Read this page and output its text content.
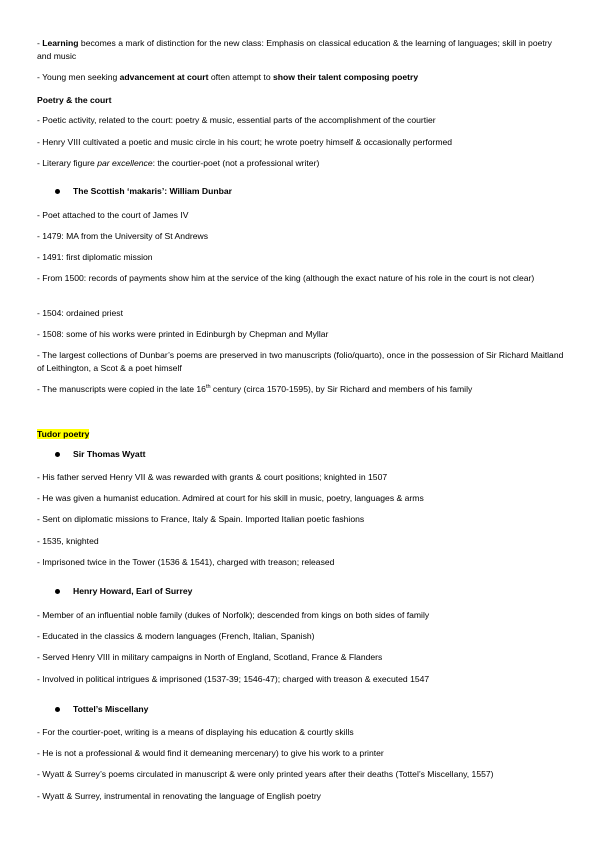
- Learning becomes a mark of distinction for the new class: Emphasis on classical education & the learning of languages; skill in poetry and music

- Young men seeking advancement at court often attempt to show their talent composing poetry

Poetry & the court

- Poetic activity, related to the court: poetry & music, essential parts of the accomplishment of the courtier

- Henry VIII cultivated a poetic and music circle in his court; he wrote poetry himself & occasionally performed

- Literary figure par excellence: the courtier-poet (not a professional writer)

The Scottish ‘makaris’: William Dunbar

- Poet attached to the court of James IV

- 1479: MA from the University of St Andrews

- 1491: first diplomatic mission

- From 1500: records of payments show him at the service of the king (although the exact nature of his role in the court is not clear)

- 1504: ordained priest

- 1508: some of his works were printed in Edinburgh by Chepman and Myllar

- The largest collections of Dunbar’s poems are preserved in two manuscripts (folio/quarto), once in the possession of Sir Richard Maitland of Leithington, a Scot & a poet himself

- The manuscripts were copied in the late 16th century (circa 1570-1595), by Sir Richard and members of his family

Tudor poetry

Sir Thomas Wyatt

- His father served Henry VII & was rewarded with grants & court positions; knighted in 1507

- He was given a humanist education. Admired at court for his skill in music, poetry, languages & arms

- Sent on diplomatic missions to France, Italy & Spain. Imported Italian poetic fashions

- 1535, knighted

- Imprisoned twice in the Tower (1536 & 1541), charged with treason; released

Henry Howard, Earl of Surrey

- Member of an influential noble family (dukes of Norfolk); descended from kings on both sides of family

- Educated in the classics & modern languages (French, Italian, Spanish)

- Served Henry VIII in military campaigns in North of England, Scotland, France & Flanders

- Involved in political intrigues & imprisoned (1537-39; 1546-47); charged with treason & executed 1547

Tottel’s Miscellany

- For the courtier-poet, writing is a means of displaying his education & courtly skills

- He is not a professional & would find it demeaning mercenary) to give his work to a printer

- Wyatt & Surrey’s poems circulated in manuscript & were only printed years after their deaths (Tottel’s Miscellany, 1557)

- Wyatt & Surrey, instrumental in renovating the language of English poetry
